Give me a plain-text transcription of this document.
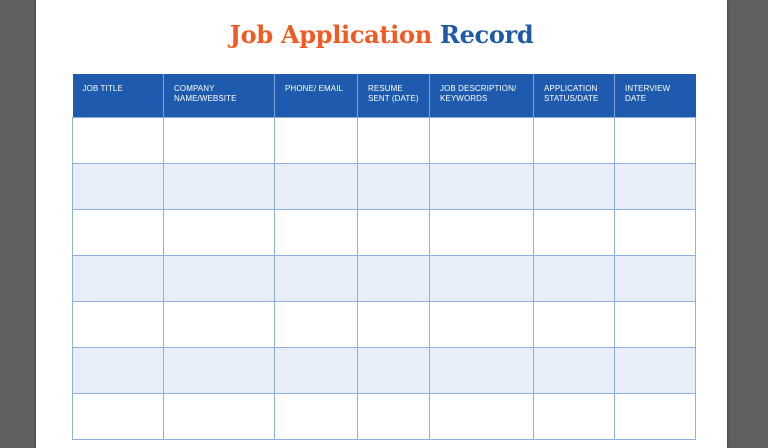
Job Application Record
JOB TITLE	COMPANY NAME/WEBSITE	PHONE/ EMAIL	RESUME SENT (DATE)	JOB DESCRIPTION/ KEYWORDS	APPLICATION STATUS/DATE	INTERVIEW DATE
